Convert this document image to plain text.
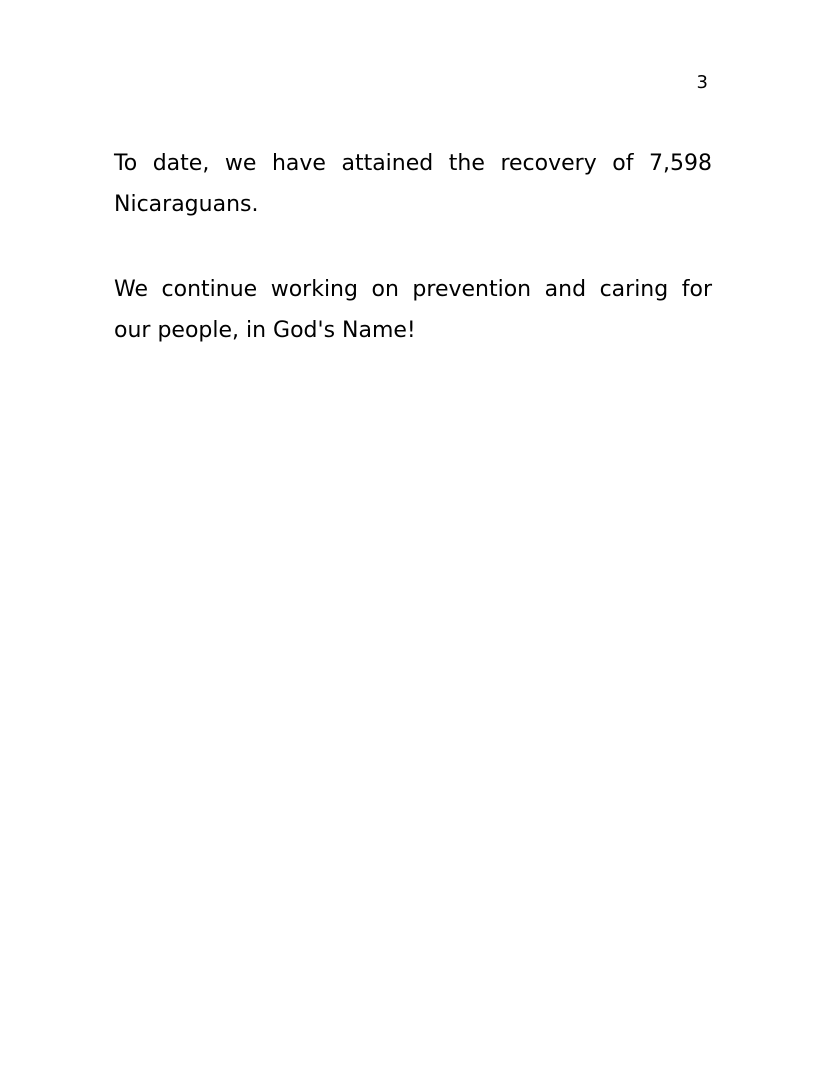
3
To date, we have attained the recovery of 7,598
Nicaraguans.
We continue working on prevention and caring for
our people, in God's Name!
